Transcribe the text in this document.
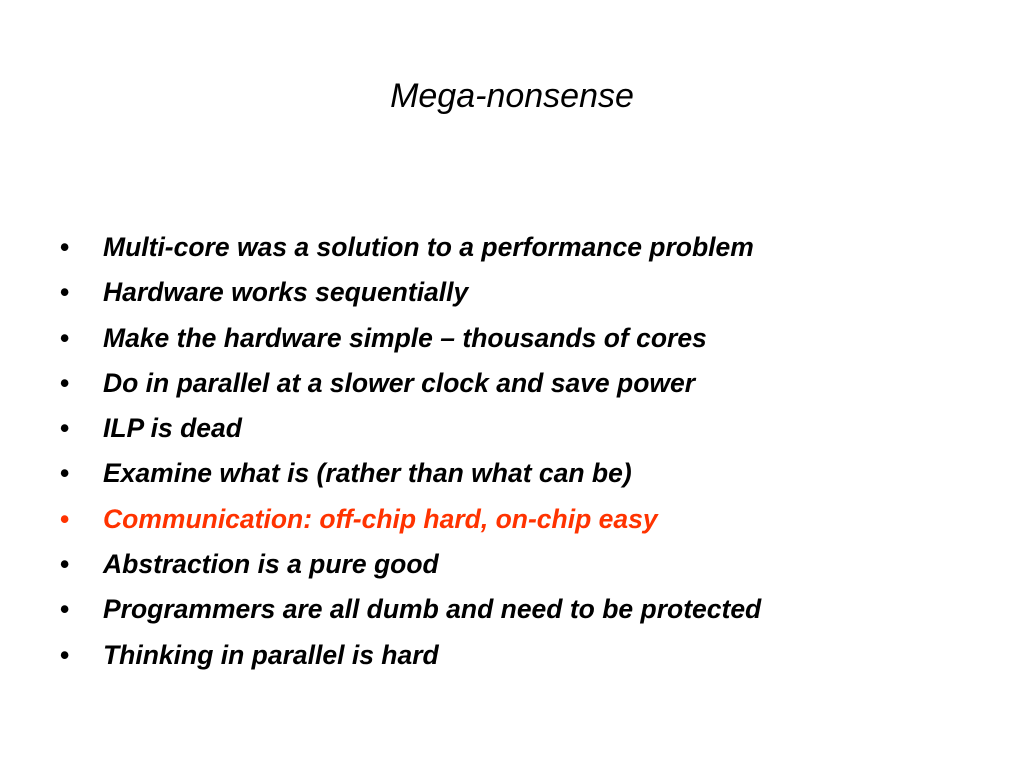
Mega-nonsense
•	Multi-core was a solution to a performance problem
•	Hardware works sequentially
•	Make the hardware simple – thousands of cores
•	Do in parallel at a slower clock and save power
•	ILP is dead
•	Examine what is (rather than what can be)
•	Communication: off-chip hard, on-chip easy
•	Abstraction is a pure good
•	Programmers are all dumb and need to be protected
•	Thinking in parallel is hard
